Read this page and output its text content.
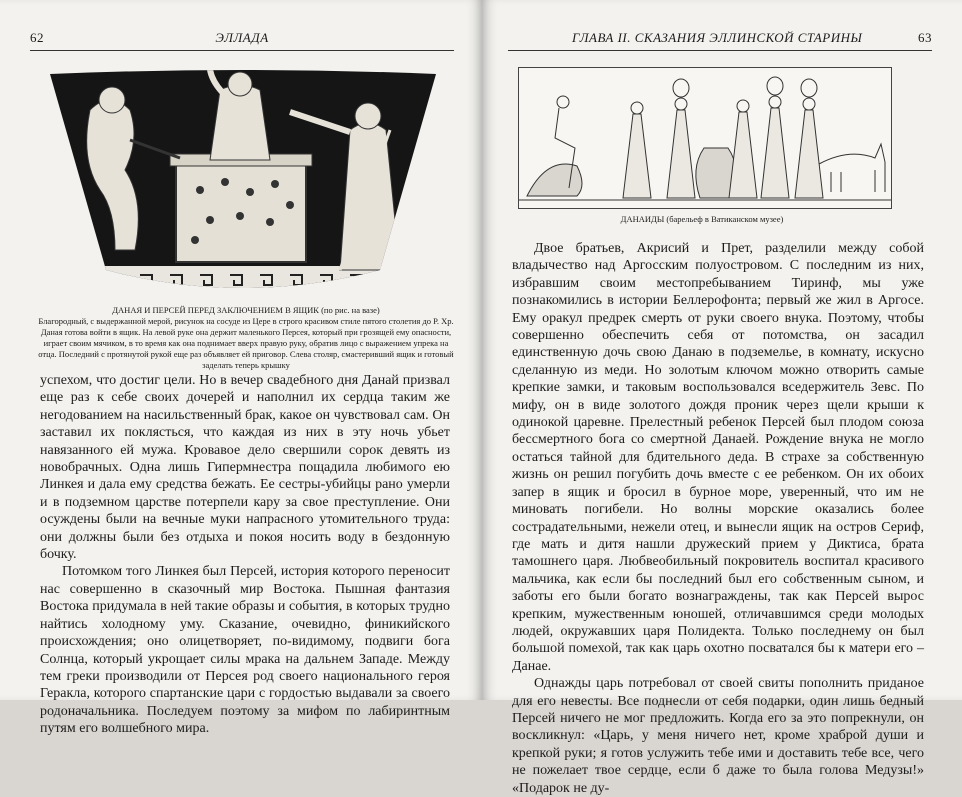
62	ЭЛЛАДА
ДАНАЯ И ПЕРСЕЙ ПЕРЕД ЗАКЛЮЧЕНИЕМ В ЯЩИК (по рис. на вазе)
Благородный, с выдержанной мерой, рисунок на сосуде из Цере в строго красивом стиле пятого столетия до Р. Хр. Даная готова войти в ящик. На левой руке она держит маленького Персея, который при грозящей ему опасности, играет своим мячиком, в то время как она поднимает вверх правую руку, обратив лицо с выражением упрека на отца. Последний с протянутой рукой еще раз объявляет ей приговор. Слева столяр, смастеривший ящик и готовый заделать теперь крышку

успехом, что достиг цели. Но в вечер свадебного дня Данай призвал еще раз к себе своих дочерей и наполнил их сердца таким же негодованием на насильственный брак, какое он чувствовал сам. Он заставил их поклясться, что каждая из них в эту ночь убьет навязанного ей мужа. Кровавое дело свершили сорок девять из новобрачных. Одна лишь Гипермнестра пощадила любимого ею Линкея и дала ему средства бежать. Ее сестры-убийцы рано умерли и в подземном царстве потерпели кару за свое преступление. Они осуждены были на вечные муки напрасного утомительного труда: они должны были без отдыха и покоя носить воду в бездонную бочку.

Потомком того Линкея был Персей, история которого переносит нас совершенно в сказочный мир Востока. Пышная фантазия Востока придумала в ней такие образы и события, в которых трудно найтись холодному уму. Сказание, очевидно, финикийского происхождения; оно олицетворяет, по-видимому, подвиги бога Солнца, который укрощает силы мрака на дальнем Западе. Между тем греки производили от Персея род своего национального героя Геракла, которого спартанские цари с гордостью выдавали за своего родоначальника. Последуем поэтому за мифом по лабиринтным путям его волшебного мира.

ГЛАВА II. СКАЗАНИЯ ЭЛЛИНСКОЙ СТАРИНЫ	63
ДАНАИДЫ (барельеф в Ватиканском музее)

Двое братьев, Акрисий и Прет, разделили между собой владычество над Аргосским полуостровом. С последним из них, избравшим своим местопребыванием Тиринф, мы уже познакомились в истории Беллерофонта; первый же жил в Аргосе. Ему оракул предрек смерть от руки своего внука. Поэтому, чтобы совершенно обеспечить себя от потомства, он засадил единственную дочь свою Данаю в подземелье, в комнату, искусно сделанную из меди. Но золотым ключом можно отворить самые крепкие замки, и таковым воспользовался вседержитель Зевс. По мифу, он в виде золотого дождя проник через щели крыши к одинокой царевне. Прелестный ребенок Персей был плодом союза бессмертного бога со смертной Данаей. Рождение внука не могло остаться тайной для бдительного деда. В страхе за собственную жизнь он решил погубить дочь вместе с ее ребенком. Он их обоих запер в ящик и бросил в бурное море, уверенный, что им не миновать погибели. Но волны морские оказались более сострадательными, нежели отец, и вынесли ящик на остров Сериф, где мать и дитя нашли дружеский прием у Диктиса, брата тамошнего царя. Любвеобильный покровитель воспитал красивого мальчика, как если бы последний был его собственным сыном, и заботы его были богато вознаграждены, так как Персей вырос крепким, мужественным юношей, отличавшимся среди молодых людей, окружавших царя Полидекта. Только последнему он был большой помехой, так как царь охотно посватался бы к матери его – Данае.

Однажды царь потребовал от своей свиты пополнить приданое для его невесты. Все поднесли от себя подарки, один лишь бедный Персей ничего не мог предложить. Когда его за это попрекнули, он воскликнул: «Царь, у меня ничего нет, кроме храброй души и крепкой руки; я готов услужить тебе ими и доставить тебе все, чего не пожелает твое сердце, если б даже то была голова Медузы!» «Подарок не ду-
